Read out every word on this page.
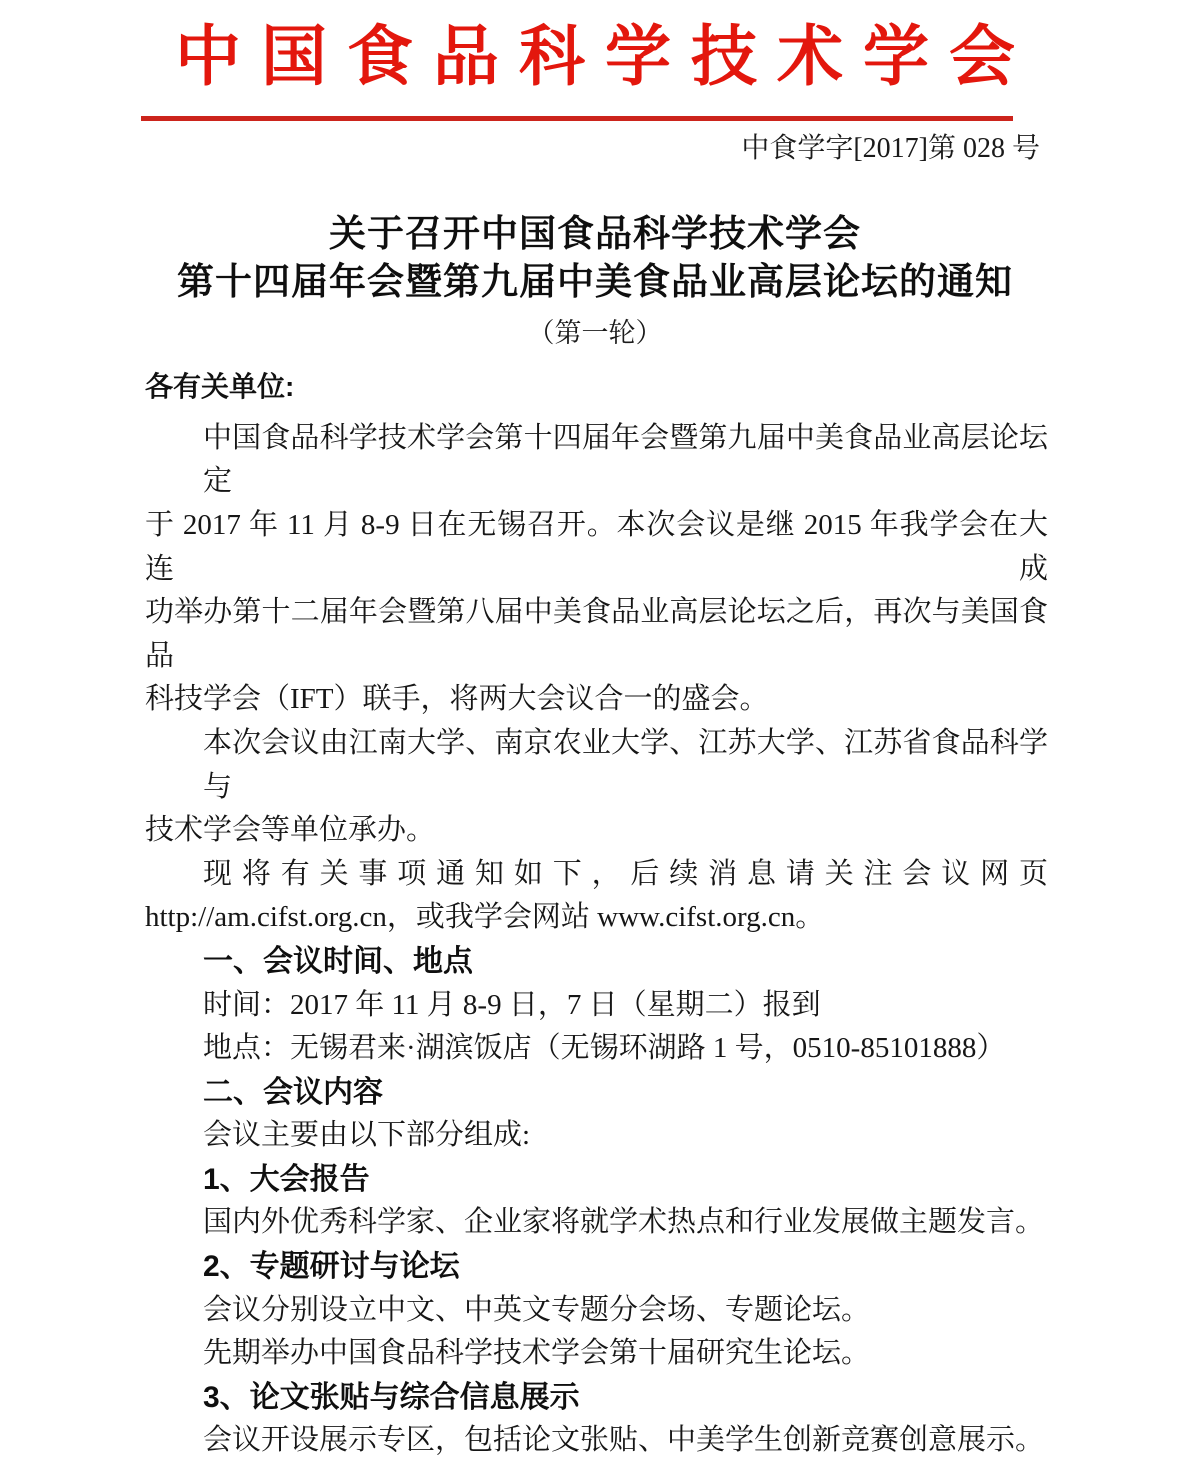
中国食品科学技术学会
中食学字[2017]第 028 号
关于召开中国食品科学技术学会
第十四届年会暨第九届中美食品业高层论坛的通知
（第一轮）
各有关单位:
中国食品科学技术学会第十四届年会暨第九届中美食品业高层论坛定
于 2017 年 11 月 8-9 日在无锡召开。本次会议是继 2015 年我学会在大连成
功举办第十二届年会暨第八届中美食品业高层论坛之后，再次与美国食品
科技学会（IFT）联手，将两大会议合一的盛会。
本次会议由江南大学、南京农业大学、江苏大学、江苏省食品科学与
技术学会等单位承办。
现将有关事项通知如下，后续消息请关注会议网页
http://am.cifst.org.cn，或我学会网站 www.cifst.org.cn。
一、会议时间、地点
时间：2017 年 11 月 8-9 日，7 日（星期二）报到
地点：无锡君来·湖滨饭店（无锡环湖路 1 号，0510-85101888）
二、会议内容
会议主要由以下部分组成:
1、大会报告
国内外优秀科学家、企业家将就学术热点和行业发展做主题发言。
2、专题研讨与论坛
会议分别设立中文、中英文专题分会场、专题论坛。
先期举办中国食品科学技术学会第十届研究生论坛。
3、论文张贴与综合信息展示
会议开设展示专区，包括论文张贴、中美学生创新竞赛创意展示。
